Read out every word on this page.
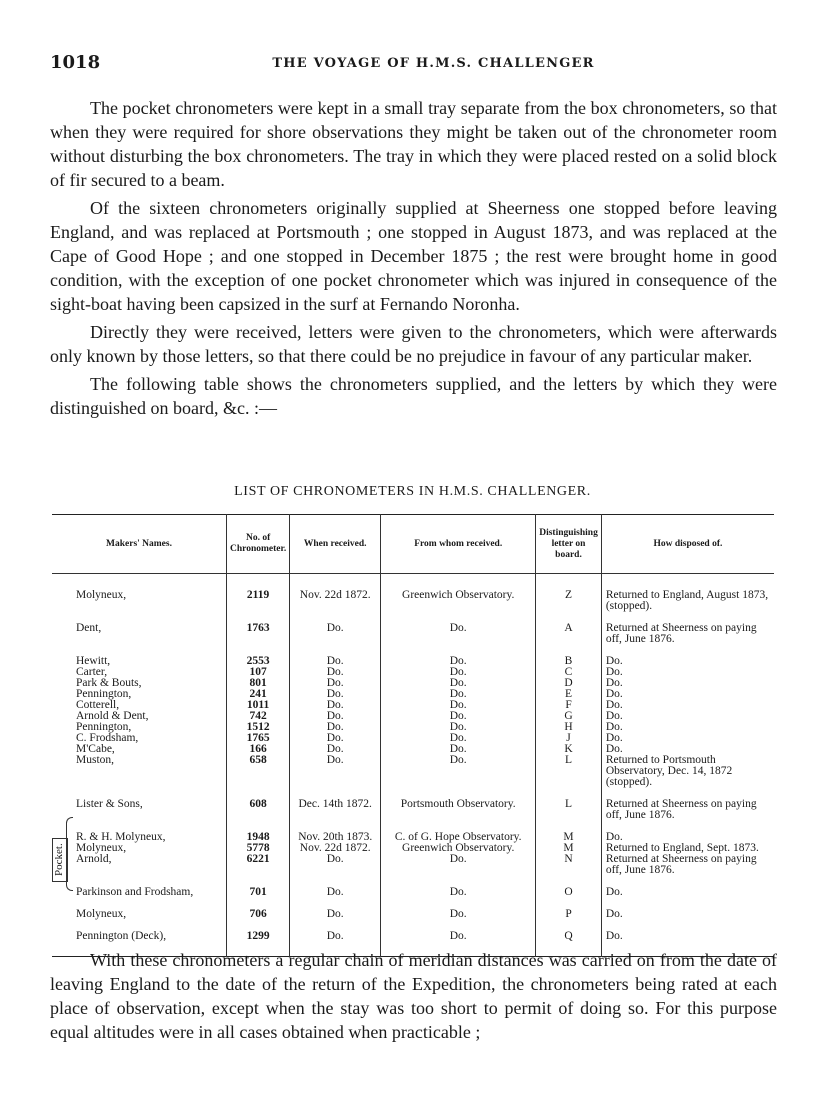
1018	THE VOYAGE OF H.M.S. CHALLENGER

The pocket chronometers were kept in a small tray separate from the box chronometers, so that when they were required for shore observations they might be taken out of the chronometer room without disturbing the box chronometers. The tray in which they were placed rested on a solid block of fir secured to a beam.

Of the sixteen chronometers originally supplied at Sheerness one stopped before leaving England, and was replaced at Portsmouth ; one stopped in August 1873, and was replaced at the Cape of Good Hope ; and one stopped in December 1875 ; the rest were brought home in good condition, with the exception of one pocket chronometer which was injured in consequence of the sight-boat having been capsized in the surf at Fernando Noronha.

Directly they were received, letters were given to the chronometers, which were afterwards only known by those letters, so that there could be no prejudice in favour of any particular maker.

The following table shows the chronometers supplied, and the letters by which they were distinguished on board, &c. :—

LIST OF CHRONOMETERS IN H.M.S. CHALLENGER.
Makers' Names.	No. of Chronometer.	When received.	From whom received.	Distinguishing letter on board.	How disposed of.
Molyneux,	2119	Nov. 22d 1872.	Greenwich Observatory.	Z	Returned to England, August 1873, (stopped).
Dent,	1763	Do.	Do.	A	Returned at Sheerness on paying off, June 1876.
Hewitt,	2553	Do.	Do.	B	Do.
Carter,	107	Do.	Do.	C	Do.
Park & Bouts,	801	Do.	Do.	D	Do.
Pennington,	241	Do.	Do.	E	Do.
Cotterell,	1011	Do.	Do.	F	Do.
Arnold & Dent,	742	Do.	Do.	G	Do.
Pennington,	1512	Do.	Do.	H	Do.
C. Frodsham,	1765	Do.	Do.	J	Do.
M'Cabe,	166	Do.	Do.	K	Do.
Muston,	658	Do.	Do.	L	Returned to Portsmouth Observatory, Dec. 14, 1872 (stopped).
Lister & Sons,	608	Dec. 14th 1872.	Portsmouth Observatory.	L	Returned at Sheerness on paying off, June 1876.
R. & H. Molyneux,	1948	Nov. 20th 1873.	C. of G. Hope Observatory.	M	Do.
Molyneux,	5778	Nov. 22d 1872.	Greenwich Observatory.	M	Returned to England, Sept. 1873.
Arnold,	6221	Do.	Do.	N	Returned at Sheerness on paying off, June 1876.
Parkinson and Frodsham,	701	Do.	Do.	O	Do.
Molyneux,	706	Do.	Do.	P	Do.
Pennington (Deck),	1299	Do.	Do.	Q	Do.
Pocket.

With these chronometers a regular chain of meridian distances was carried on from the date of leaving England to the date of the return of the Expedition, the chronometers being rated at each place of observation, except when the stay was too short to permit of doing so. For this purpose equal altitudes were in all cases obtained when practicable ;
